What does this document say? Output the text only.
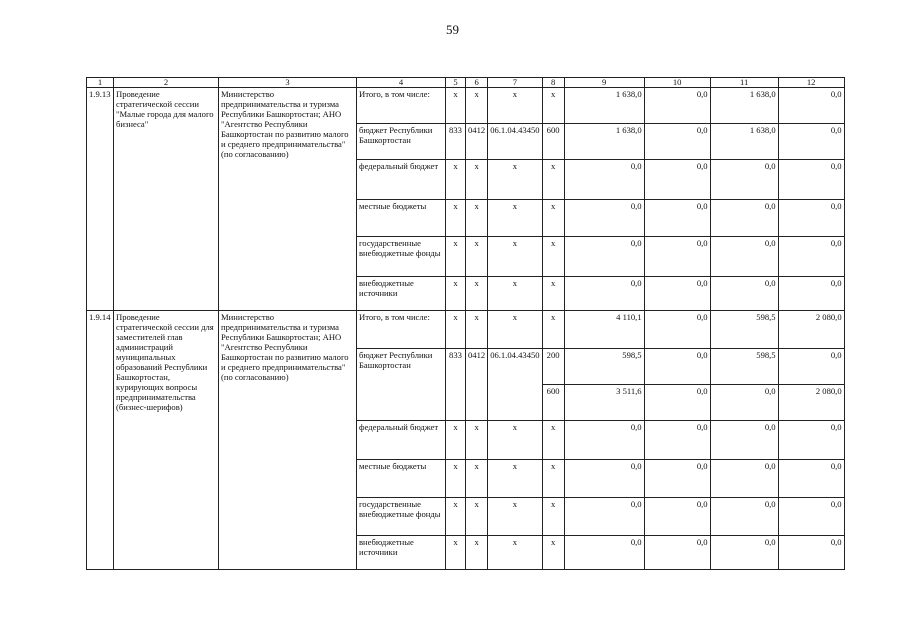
59
1	2	3	4	5	6	7	8	9	10	11	12
1.9.13	Проведение стратегической сессии "Малые города для малого бизнеса"	Министерство предпринимательства и туризма Республики Башкортостан; АНО "Агентство Республики Башкортостан по развитию малого и среднего предпринимательства" (по согласованию)	Итого, в том числе:	x	x	x	x	1 638,0	0,0	1 638,0	0,0
			бюджет Республики Башкортостан	833	0412	06.1.04.43450	600	1 638,0	0,0	1 638,0	0,0
			федеральный бюджет	x	x	x	x	0,0	0,0	0,0	0,0
			местные бюджеты	x	x	x	x	0,0	0,0	0,0	0,0
			государственные внебюджетные фонды	x	x	x	x	0,0	0,0	0,0	0,0
			внебюджетные источники	x	x	x	x	0,0	0,0	0,0	0,0
1.9.14	Проведение стратегической сессии для заместителей глав администраций муниципальных образований Республики Башкортостан, курирующих вопросы предпринимательства (бизнес-шерифов)	Министерство предпринимательства и туризма Республики Башкортостан; АНО "Агентство Республики Башкортостан по развитию малого и среднего предпринимательства" (по согласованию)	Итого, в том числе:	x	x	x	x	4 110,1	0,0	598,5	2 080,0
			бюджет Республики Башкортостан	833	0412	06.1.04.43450	200	598,5	0,0	598,5	0,0
							600	3 511,6	0,0	0,0	2 080,0
			федеральный бюджет	x	x	x	x	0,0	0,0	0,0	0,0
			местные бюджеты	x	x	x	x	0,0	0,0	0,0	0,0
			государственные внебюджетные фонды	x	x	x	x	0,0	0,0	0,0	0,0
			внебюджетные источники	x	x	x	x	0,0	0,0	0,0	0,0
